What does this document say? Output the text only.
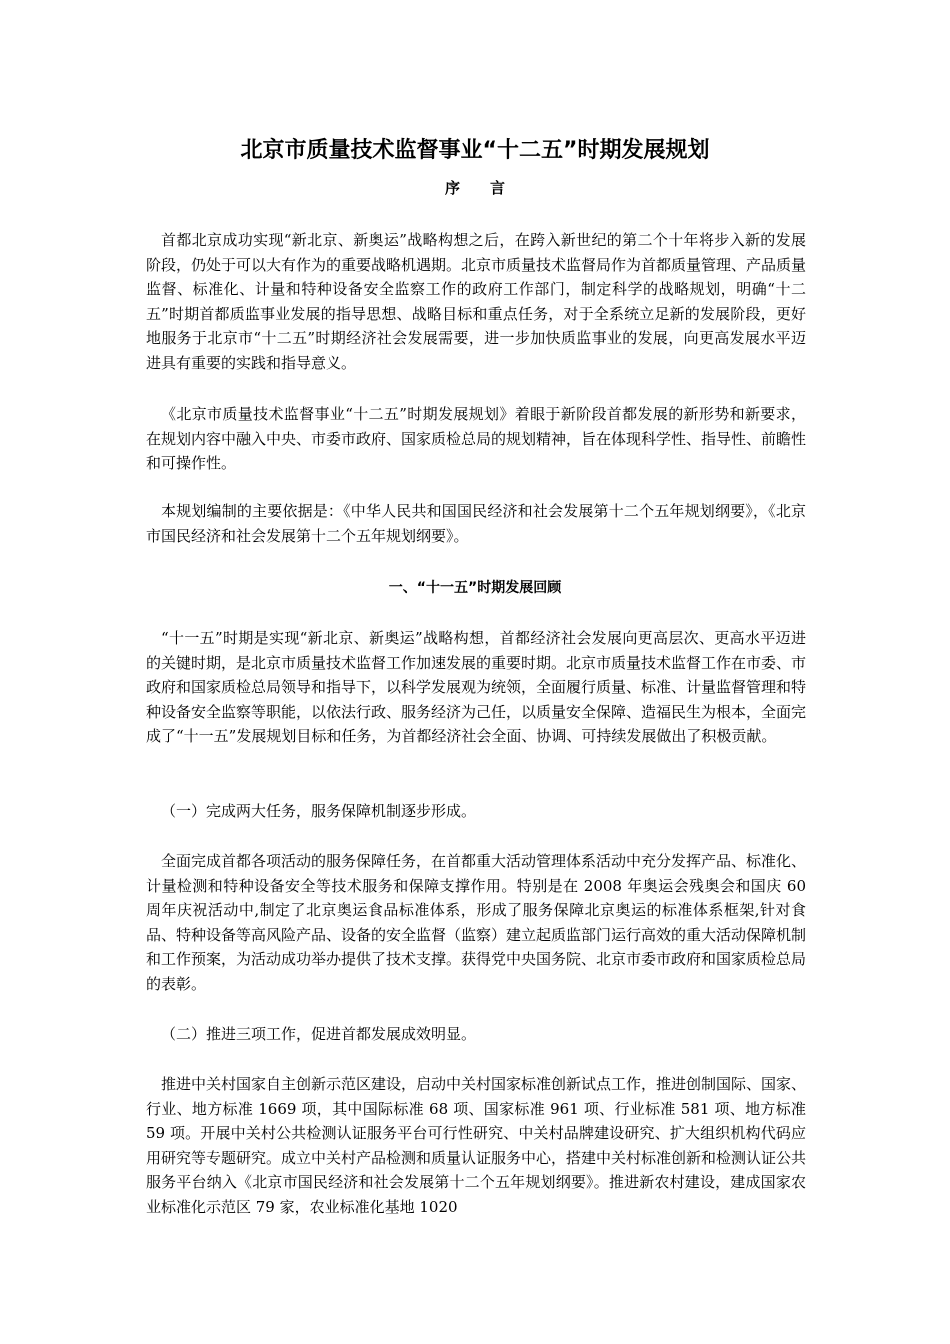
北京市质量技术监督事业“十二五”时期发展规划
序言

首都北京成功实现“新北京、新奥运”战略构想之后，在跨入新世纪的第二个十年将步入新的发展阶段，仍处于可以大有作为的重要战略机遇期。北京市质量技术监督局作为首都质量管理、产品质量监督、标准化、计量和特种设备安全监察工作的政府工作部门，制定科学的战略规划，明确“十二五”时期首都质监事业发展的指导思想、战略目标和重点任务，对于全系统立足新的发展阶段，更好地服务于北京市“十二五”时期经济社会发展需要，进一步加快质监事业的发展，向更高发展水平迈进具有重要的实践和指导意义。

《北京市质量技术监督事业“十二五”时期发展规划》着眼于新阶段首都发展的新形势和新要求，在规划内容中融入中央、市委市政府、国家质检总局的规划精神，旨在体现科学性、指导性、前瞻性和可操作性。

本规划编制的主要依据是：《中华人民共和国国民经济和社会发展第十二个五年规划纲要》，《北京市国民经济和社会发展第十二个五年规划纲要》。

一、“十一五”时期发展回顾

“十一五”时期是实现“新北京、新奥运”战略构想，首都经济社会发展向更高层次、更高水平迈进的关键时期，是北京市质量技术监督工作加速发展的重要时期。北京市质量技术监督工作在市委、市政府和国家质检总局领导和指导下，以科学发展观为统领，全面履行质量、标准、计量监督管理和特种设备安全监察等职能，以依法行政、服务经济为己任，以质量安全保障、造福民生为根本，全面完成了“十一五”发展规划目标和任务，为首都经济社会全面、协调、可持续发展做出了积极贡献。

（一）完成两大任务，服务保障机制逐步形成。

全面完成首都各项活动的服务保障任务，在首都重大活动管理体系活动中充分发挥产品、标准化、计量检测和特种设备安全等技术服务和保障支撑作用。特别是在 2008 年奥运会残奥会和国庆 60 周年庆祝活动中,制定了北京奥运食品标准体系，形成了服务保障北京奥运的标准体系框架,针对食品、特种设备等高风险产品、设备的安全监督（监察）建立起质监部门运行高效的重大活动保障机制和工作预案，为活动成功举办提供了技术支撑。获得党中央国务院、北京市委市政府和国家质检总局的表彰。

（二）推进三项工作，促进首都发展成效明显。

推进中关村国家自主创新示范区建设，启动中关村国家标准创新试点工作，推进创制国际、国家、行业、地方标准 1669 项，其中国际标准 68 项、国家标准 961 项、行业标准 581 项、地方标准 59 项。开展中关村公共检测认证服务平台可行性研究、中关村品牌建设研究、扩大组织机构代码应用研究等专题研究。成立中关村产品检测和质量认证服务中心，搭建中关村标准创新和检测认证公共服务平台纳入《北京市国民经济和社会发展第十二个五年规划纲要》。推进新农村建设，建成国家农业标准化示范区 79 家，农业标准化基地 1020
